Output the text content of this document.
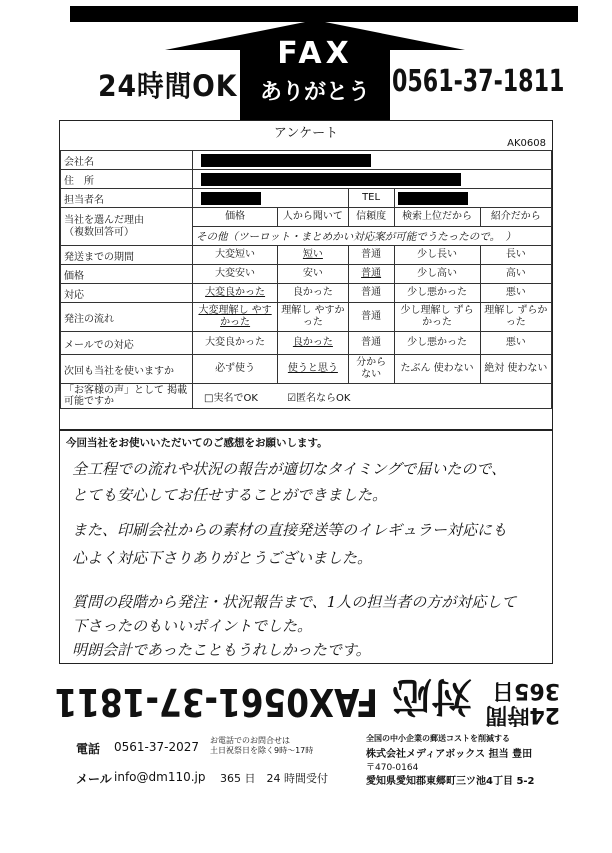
FAX
ありがとう
24時間OK	0561-37-1811
アンケート
AK0608
会社名					
住　所					
担当者名			TEL		

当社を選んだ理由
（複数回答可）	価格	人から聞いて	信頼度	検索上位だから	紹介だから
	その他（ツーロット・まとめかい対応案が可能でうたったので。　）				
発送までの期間	大変短い	短い	普通	少し長い	長い
価格	大変安い	安い	普通	少し高い	高い
対応	大変良かった	良かった	普通	少し悪かった	悪い
発注の流れ	大変理解し やすかった	理解し やすかった	普通	少し理解し ずらかった	理解し ずらかった
メールでの対応	大変良かった	良かった	普通	少し悪かった	悪い
次回も当社を使いますか	必ず使う	使うと思う	分からない	たぶん 使わない	絶対 使わない
「お客様の声」として 掲載可能ですか	□実名でOK ☑匿名ならOK				
今回当社をお使いいただいてのご感想をお願いします。
全工程での流れや状況の報告が適切なタイミングで届いたので、
とても安心してお任せすることができました。
また、印刷会社からの素材の直接発送等のイレギュラー対応にも
心よく対応下さりありがとうございました。
質問の段階から発注・状況報告まで、1人の担当者の方が対応して
下さったのもいいポイントでした。
明朗会計であったこともうれしかったです。
24時間
365日
対応
FAX0561-37-1811
電話 0561-37-2027 お電話でのお問合せは
土日祝祭日を除く9時〜17時
メール info@dm110.jp 365 日　24 時間受付
全国の中小企業の郵送コストを削減する
株式会社メディアボックス 担当 豊田
〒470-0164
愛知県愛知郡東郷町三ツ池4丁目 5-2
